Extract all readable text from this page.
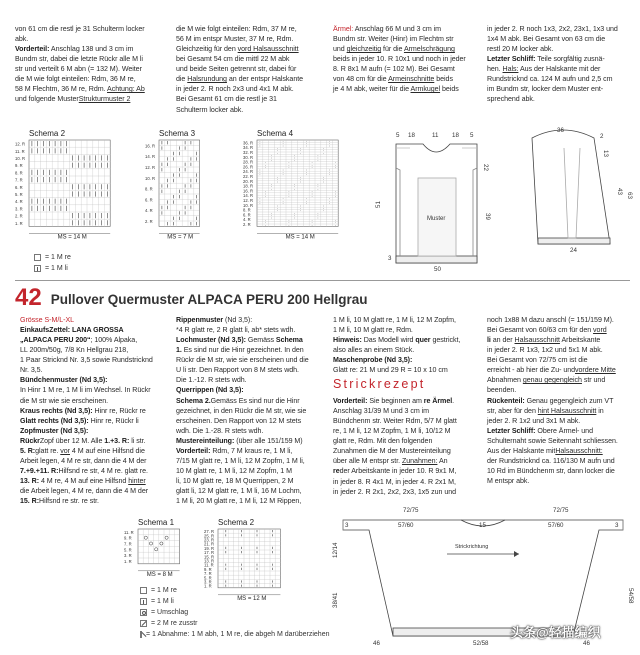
von 61 cm die restl je 31 Schulterm locker

abk.

Vorderteil: Anschlag 138 und 3 cm im

Bundm str, dabei die letzte Rückr alle M li

str und verteilt 6 M abn (= 132 M). Weiter

die M wie folgt einteilen: Rdm, 36 M re,

58 M Flechtm, 36 M re, Rdm. Achtung: Ab

und folgende MusterStrukturmuster 2

die M wie folgt einteilen: Rdm, 37 M re,

56 M im entspr Muster, 37 M re, Rdm.

Gleichzeitig für den vord Halsausschnitt

bei Gesamt 54 cm die mittl 22 M abk

und beide Seiten getrennt str, dabei für

die Halsrundung an der entspr Halskante

in jeder 2. R noch 2x3 und 4x1 M abk.

Bei Gesamt 61 cm die restl je 31

Schulterm locker abk.

Ärmel: Anschlag 66 M und 3 cm im

Bundm str. Weiter (Hinr) im Flechtm str

und gleichzeitig für die Armelschrägung

beids in jeder 10. R 10x1 und noch in jeder

8. R 8x1 M aufn (= 102 M). Bei Gesamt

von 48 cm für die Armeinschnitte beids

je 4 M abk, weiter für die Armkugel beids

in jeder 2. R noch 1x3, 2x2, 23x1, 1x3 und

1x4 M abk. Bei Gesamt von 63 cm die

restl 20 M locker abk.

Letzter Schliff: Teile sorgfältig zusnä-

hen. Hals: Aus der Halskante mit der

Rundstricknd ca. 124 M aufn und 2,5 cm

im Bundm str, locker dem Muster ent-

sprechend abk.

Schema 2
12. R
11. R
10. R
9. R
8. R
7. R
6. R
5. R
4. R
3. R
2. R
1. R
MS = 14 M
Schema 3
16. R
14. R
12. R
10. R
8. R
6. R
4. R
2. R
MS = 7 M
Schema 4
36. R
34. R
32. R
30. R
28. R
26. R
24. R
22. R
20. R
18. R
16. R
14. R
12. R
10. R
8. R
6. R
4. R
2. R
MS = 14 M
= 1 M re
= 1 M li
5 18	11 18 5
22
51
39
50
3
Muster
36
2
13
43
63
24
42 Pullover Quermuster ALPACA PERU 200 Hellgrau

Grösse S-M/L-XL

EinkaufsZettel: LANA GROSSA

„ALPACA PERU 200“; 100% Alpaka,

LL 200m/50g, 7/8 Kn Hellgrau 218,

1 Paar Stricknd Nr. 3,5 sowie Rundstricknd

Nr. 3,5.

Bündchenmuster (Nd 3,5):

In Hinr 1 M re, 1 M li im Wechsel. In Rückr

die M str wie sie erscheinen.

Kraus rechts (Nd 3,5): Hinr re, Rückr re

Glatt rechts (Nd 3,5): Hinr re, Rückr li

Zopfmuster (Nd 3,5):

RückrZopf über 12 M. Alle 1.+3. R: li str.

5. R:glatt re. vor 4 M auf eine Hilfsnd die

Arbeit legen, 4 M re str, dann die 4 M der

7.+9.+11. R:Hilfsnd re str, 4 M re. glatt re.

13. R: 4 M re, 4 M auf eine Hilfsnd hinter

die Arbeit legen, 4 M re, dann die 4 M der

15. R:Hilfsnd re str. re str.

Rippenmuster (Nd 3,5):

*4 R glatt re, 2 R glatt li, ab* stets wdh.

Lochmuster (Nd 3,5): Gemäss Schema

1. Es sind nur die Hinr gezeichnet. In den

Rückr die M str, wie sie erscheinen und die

U li str. Den Rapport von 8 M stets wdh.

Die 1.-12. R stets wdh.

Querrippen (Nd 3,5):

Schema 2.Gemäss Es sind nur die Hinr

gezeichnet, in den Rückr die M str, wie sie

erscheinen. Den Rapport von 12 M stets

wdh. Die 1.-28. R stets wdh.

Mustereinteilung: (über alle 151/159 M)

Vorderteil: Rdm, 7 M kraus re, 1 M li,

7/15 M glatt re, 1 M li, 12 M Zopfm, 1 M li,

10 M glatt re, 1 M li, 12 M Zopfm, 1 M

li, 10 M glatt re, 18 M Querrippen, 2 M

glatt li, 12 M glatt re, 1 M li, 16 M Lochm,

1 M li, 20 M glatt re, 1 M li, 12 M Rippen,

1 M li, 10 M glatt re, 1 M li, 12 M Zopfm,

1 M li, 10 M glatt re, Rdm.

Hinweis: Das Modell wird quer gestrickt,

also alles an einem Stück.

Maschenprobe (Nd 3,5):

Glatt re: 21 M und 29 R = 10 x 10 cm

Strickrezept

Vorderteil: Sie beginnen am re Ärmel.

Anschlag 31/39 M und 3 cm im

Bündchenm str. Weiter Rdm, 5/7 M glatt

re, 1 M li, 12 M Zopfm, 1 M li, 10/12 M

glatt re, Rdm. Mit den folgenden

Zunahmen die M der Mustereinteilung

über alle M entspr str. Zunahmen: An

reder Arbeitskante in jeder 10. R 9x1 M,

in jeder 8. R 4x1 M, in jeder 4. R 2x1 M,

in jeder 2. R 2x1, 2x2, 2x3, 1x5 zun und

noch 1x88 M dazu anschl (= 151/159 M).

Bei Gesamt von 60/63 cm für den vord

li an der Halsausschnitt Arbeitskante

in jeder 2. R 1x3, 1x2 und 5x1 M abk.

Bei Gesamt von 72/75 cm ist die

erreicht - ab hier die Zu- undvordere Mitte

Abnahmen genau gegengleich str und

beenden.

Rückenteil: Genau gegengleich zum VT

str, aber für den hint Halsausschnitt in

jeder 2. R 1x2 und 3x1 M abk.

Letzter Schliff: Obere Ärmel- und

Schulternaht sowie Seitennaht schliessen.

Aus der Halskante mitHalsausschnitt:

der Rundstricknd ca. 116/130 M aufn und

10 Rd im Bündchenm str, dann locker die

M entspr abk.

Schema 1
11. R
9. R
7. R
5. R
3. R
1. R
MS = 8 M
Schema 2
27. R
25. R
23. R
21. R
19. R
17. R
15. R
13. R
11. R
9. R
7. R
5. R
3. R
1. R
MS = 12 M
= 1 M re
= 1 M li
= Umschlag
= 2 M re zusstr
= 1 Abnahme: 1 M abh, 1 M re, die abgeh M darüberziehen
72/75	72/75
3	57/60	15	57/60	3
Strickrichtung
12/14
38/41	54/58
46	52/58	46
头条@轻描编织
